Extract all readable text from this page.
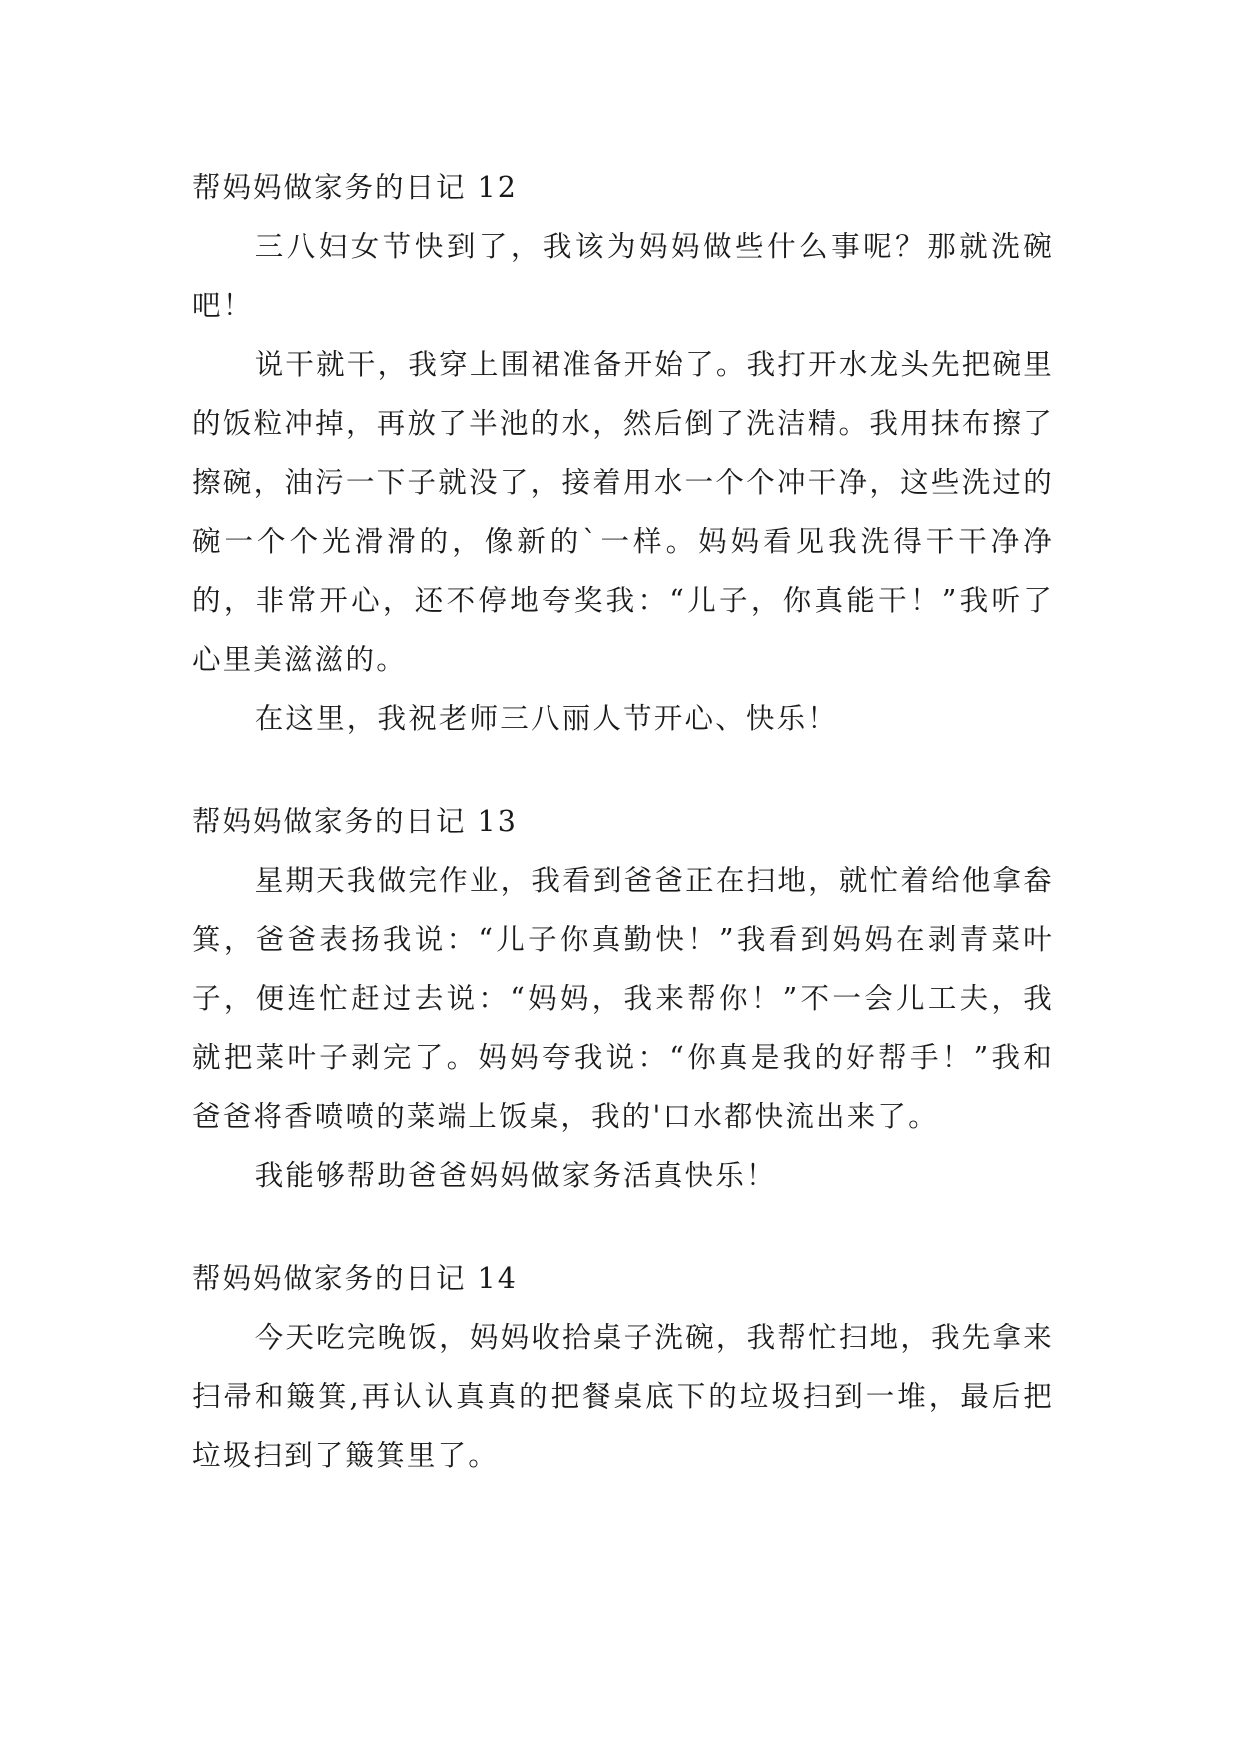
帮妈妈做家务的日记 12

三八妇女节快到了，我该为妈妈做些什么事呢？那就洗碗吧！

说干就干，我穿上围裙准备开始了。我打开水龙头先把碗里的饭粒冲掉，再放了半池的水，然后倒了洗洁精。我用抹布擦了擦碗，油污一下子就没了，接着用水一个个冲干净，这些洗过的碗一个个光滑滑的，像新的`一样。妈妈看见我洗得干干净净的，非常开心，还不停地夸奖我：“儿子，你真能干！”我听了心里美滋滋的。

在这里，我祝老师三八丽人节开心、快乐！

帮妈妈做家务的日记 13

星期天我做完作业，我看到爸爸正在扫地，就忙着给他拿畚箕，爸爸表扬我说：“儿子你真勤快！”我看到妈妈在剥青菜叶子，便连忙赶过去说：“妈妈，我来帮你！”不一会儿工夫，我就把菜叶子剥完了。妈妈夸我说：“你真是我的好帮手！”我和爸爸将香喷喷的菜端上饭桌，我的'口水都快流出来了。

我能够帮助爸爸妈妈做家务活真快乐！

帮妈妈做家务的日记 14

今天吃完晚饭，妈妈收拾桌子洗碗，我帮忙扫地，我先拿来扫帚和簸箕,再认认真真的把餐桌底下的垃圾扫到一堆，最后把垃圾扫到了簸箕里了。
